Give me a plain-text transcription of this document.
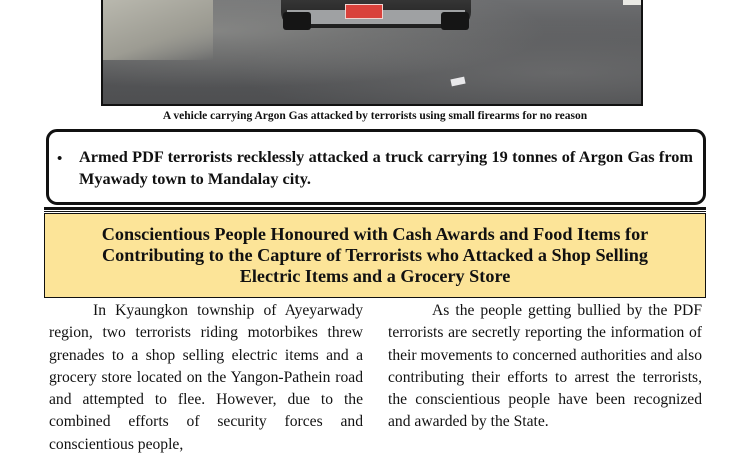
A vehicle carrying Argon Gas attacked by terrorists using small firearms for no reason
• Armed PDF terrorists recklessly attacked a truck carrying 19 tonnes of Argon Gas from Myawady town to Mandalay city.
Conscientious People Honoured with Cash Awards and Food Items for
Contributing to the Capture of Terrorists who Attacked a Shop Selling
Electric Items and a Grocery Store

In Kyaungkon township of Ayeyarwady region, two terrorists riding motorbikes threw grenades to a shop selling electric items and a grocery store located on the Yangon-Pathein road and attempted to flee. However, due to the combined efforts of security forces and conscientious people,

As the people getting bullied by the PDF terrorists are secretly reporting the information of their movements to concerned authorities and also contributing their efforts to arrest the terrorists, the conscientious people have been recognized and awarded by the State.
